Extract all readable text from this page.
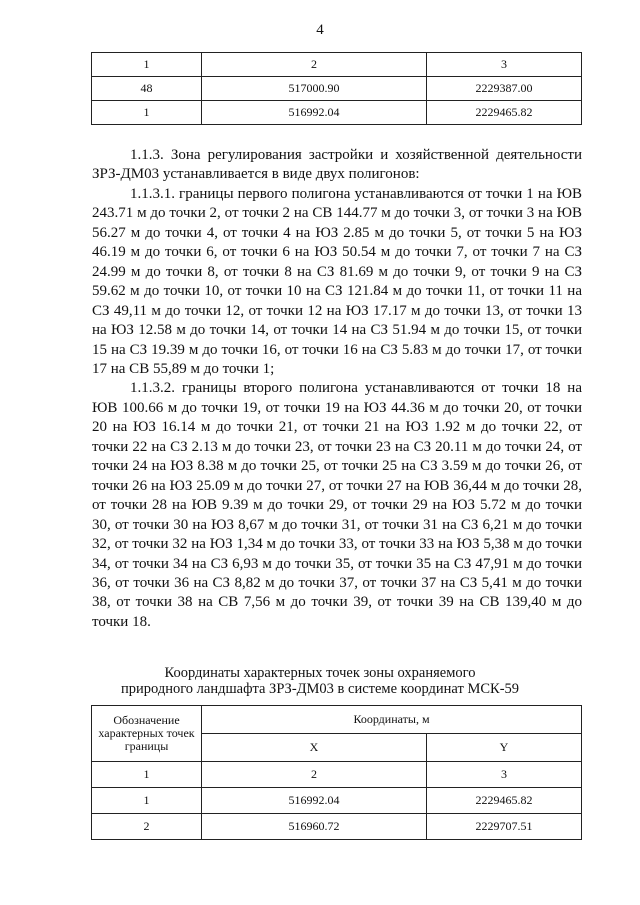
4
1	2	3
48	517000.90	2229387.00
1	516992.04	2229465.82

1.1.3. Зона регулирования застройки и хозяйственной деятельности ЗРЗ-ДМ03 устанавливается в виде двух полигонов:

1.1.3.1. границы первого полигона устанавливаются от точки 1 на ЮВ 243.71 м до точки 2, от точки 2 на СВ 144.77 м до точки 3, от точки 3 на ЮВ 56.27 м до точки 4, от точки 4 на ЮЗ 2.85 м до точки 5, от точки 5 на ЮЗ 46.19 м до точки 6, от точки 6 на ЮЗ 50.54 м до точки 7, от точки 7 на СЗ 24.99 м до точки 8, от точки 8 на СЗ 81.69 м до точки 9, от точки 9 на СЗ 59.62 м до точки 10, от точки 10 на СЗ 121.84 м до точки 11, от точки 11 на СЗ 49,11 м до точки 12, от точки 12 на ЮЗ 17.17 м до точки 13, от точки 13 на ЮЗ 12.58 м до точки 14, от точки 14 на СЗ 51.94 м до точки 15, от точки 15 на СЗ 19.39 м до точки 16, от точки 16 на СЗ 5.83 м до точки 17, от точки 17 на СВ 55,89 м до точки 1;

1.1.3.2. границы второго полигона устанавливаются от точки 18 на ЮВ 100.66 м до точки 19, от точки 19 на ЮЗ 44.36 м до точки 20, от точки 20 на ЮЗ 16.14 м до точки 21, от точки 21 на ЮЗ 1.92 м до точки 22, от точки 22 на СЗ 2.13 м до точки 23, от точки 23 на СЗ 20.11 м до точки 24, от точки 24 на ЮЗ 8.38 м до точки 25, от точки 25 на СЗ 3.59 м до точки 26, от точки 26 на ЮЗ 25.09 м до точки 27, от точки 27 на ЮВ 36,44 м до точки 28, от точки 28 на ЮВ 9.39 м до точки 29, от точки 29 на ЮЗ 5.72 м до точки 30, от точки 30 на ЮЗ 8,67 м до точки 31, от точки 31 на СЗ 6,21 м до точки 32, от точки 32 на ЮЗ 1,34 м до точки 33, от точки 33 на ЮЗ 5,38 м до точки 34, от точки 34 на СЗ 6,93 м до точки 35, от точки 35 на СЗ 47,91 м до точки 36, от точки 36 на СЗ 8,82 м до точки 37, от точки 37 на СЗ 5,41 м до точки 38, от точки 38 на СВ 7,56 м до точки 39, от точки 39 на СВ 139,40 м до точки 18.

Координаты характерных точек зоны охраняемого
природного ландшафта ЗРЗ-ДМ03 в системе координат МСК-59
Обозначение характерных точек границы	Координаты, м	
	X	Y
1	2	3
1	516992.04	2229465.82
2	516960.72	2229707.51
